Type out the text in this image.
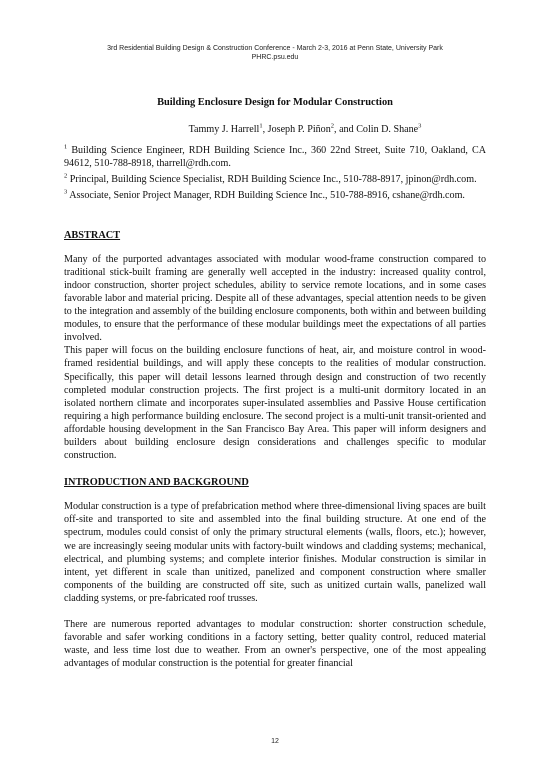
3rd Residential Building Design & Construction Conference - March 2-3, 2016 at Penn State, University Park
PHRC.psu.edu

Building Enclosure Design for Modular Construction

Tammy J. Harrell$^1$, Joseph P. Piñon$^2$, and Colin D. Shane$^3$

$^1$ Building Science Engineer, RDH Building Science Inc., 360 22nd Street, Suite 710, Oakland, CA 94612, 510-788-8918, tharrell@rdh.com.

$^2$ Principal, Building Science Specialist, RDH Building Science Inc., 510-788-8917, jpinon@rdh.com.

$^3$ Associate, Senior Project Manager, RDH Building Science Inc., 510-788-8916, cshane@rdh.com.

ABSTRACT

Many of the purported advantages associated with modular wood-frame construction compared to traditional stick-built framing are generally well accepted in the industry: increased quality control, indoor construction, shorter project schedules, ability to service remote locations, and in some cases favorable labor and material pricing. Despite all of these advantages, special attention needs to be given to the integration and assembly of the building enclosure components, both within and between building modules, to ensure that the performance of these modular buildings meet the expectations of all parties involved.

This paper will focus on the building enclosure functions of heat, air, and moisture control in wood-framed residential buildings, and will apply these concepts to the realities of modular construction. Specifically, this paper will detail lessons learned through design and construction of two recently completed modular construction projects. The first project is a multi-unit dormitory located in an isolated northern climate and incorporates super-insulated assemblies and Passive House certification requiring a high performance building enclosure. The second project is a multi-unit transit-oriented and affordable housing development in the San Francisco Bay Area. This paper will inform designers and builders about building enclosure design considerations and challenges specific to modular construction.

INTRODUCTION AND BACKGROUND

Modular construction is a type of prefabrication method where three-dimensional living spaces are built off-site and transported to site and assembled into the final building structure. At one end of the spectrum, modules could consist of only the primary structural elements (walls, floors, etc.); however, we are increasingly seeing modular units with factory-built windows and cladding systems; mechanical, electrical, and plumbing systems; and complete interior finishes. Modular construction is similar in intent, yet different in scale than unitized, panelized and component construction where smaller components of the building are constructed off site, such as unitized curtain walls, panelized wall cladding systems, or pre-fabricated roof trusses.

There are numerous reported advantages to modular construction: shorter construction schedule, favorable and safer working conditions in a factory setting, better quality control, reduced material waste, and less time lost due to weather. From an owner's perspective, one of the most appealing advantages of modular construction is the potential for greater financial

12
